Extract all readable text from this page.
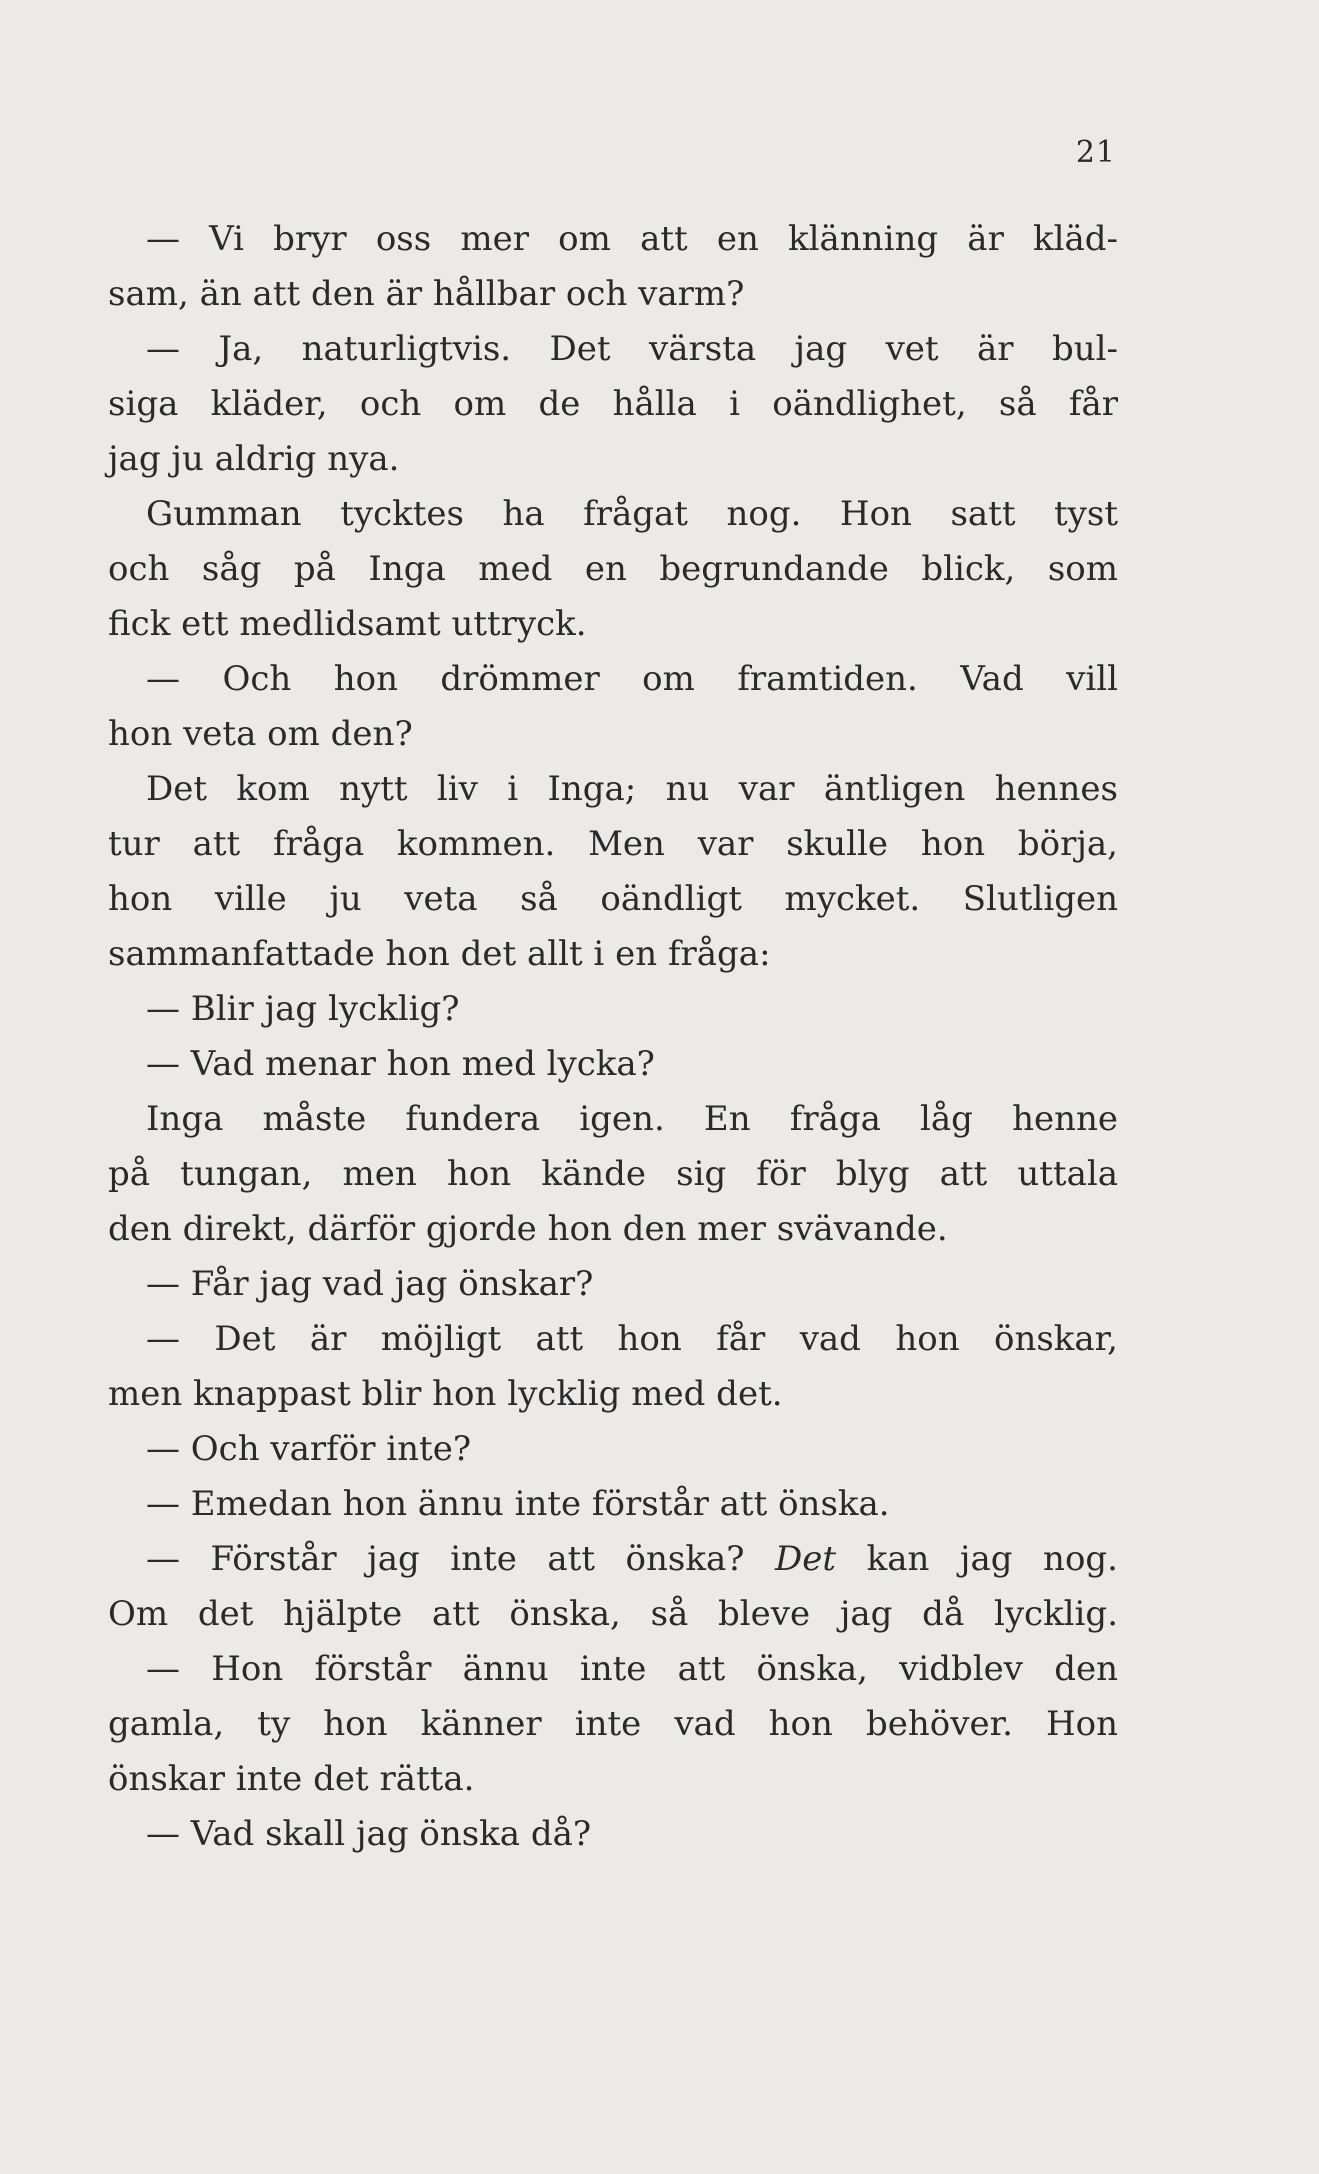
21
— Vi bryr oss mer om att en klänning är kläd-
sam, än att den är hållbar och varm?
— Ja, naturligtvis. Det värsta jag vet är bul-
siga kläder, och om de hålla i oändlighet, så får
jag ju aldrig nya.
Gumman tycktes ha frågat nog. Hon satt tyst
och såg på Inga med en begrundande blick, som
fick ett medlidsamt uttryck.
— Och hon drömmer om framtiden. Vad vill
hon veta om den?
Det kom nytt liv i Inga; nu var äntligen hennes
tur att fråga kommen. Men var skulle hon börja,
hon ville ju veta så oändligt mycket. Slutligen
sammanfattade hon det allt i en fråga:
— Blir jag lycklig?
— Vad menar hon med lycka?
Inga måste fundera igen. En fråga låg henne
på tungan, men hon kände sig för blyg att uttala
den direkt, därför gjorde hon den mer svävande.
— Får jag vad jag önskar?
— Det är möjligt att hon får vad hon önskar,
men knappast blir hon lycklig med det.
— Och varför inte?
— Emedan hon ännu inte förstår att önska.
— Förstår jag inte att önska? Det kan jag nog.
Om det hjälpte att önska, så bleve jag då lycklig.
— Hon förstår ännu inte att önska, vidblev den
gamla, ty hon känner inte vad hon behöver. Hon
önskar inte det rätta.
— Vad skall jag önska då?
